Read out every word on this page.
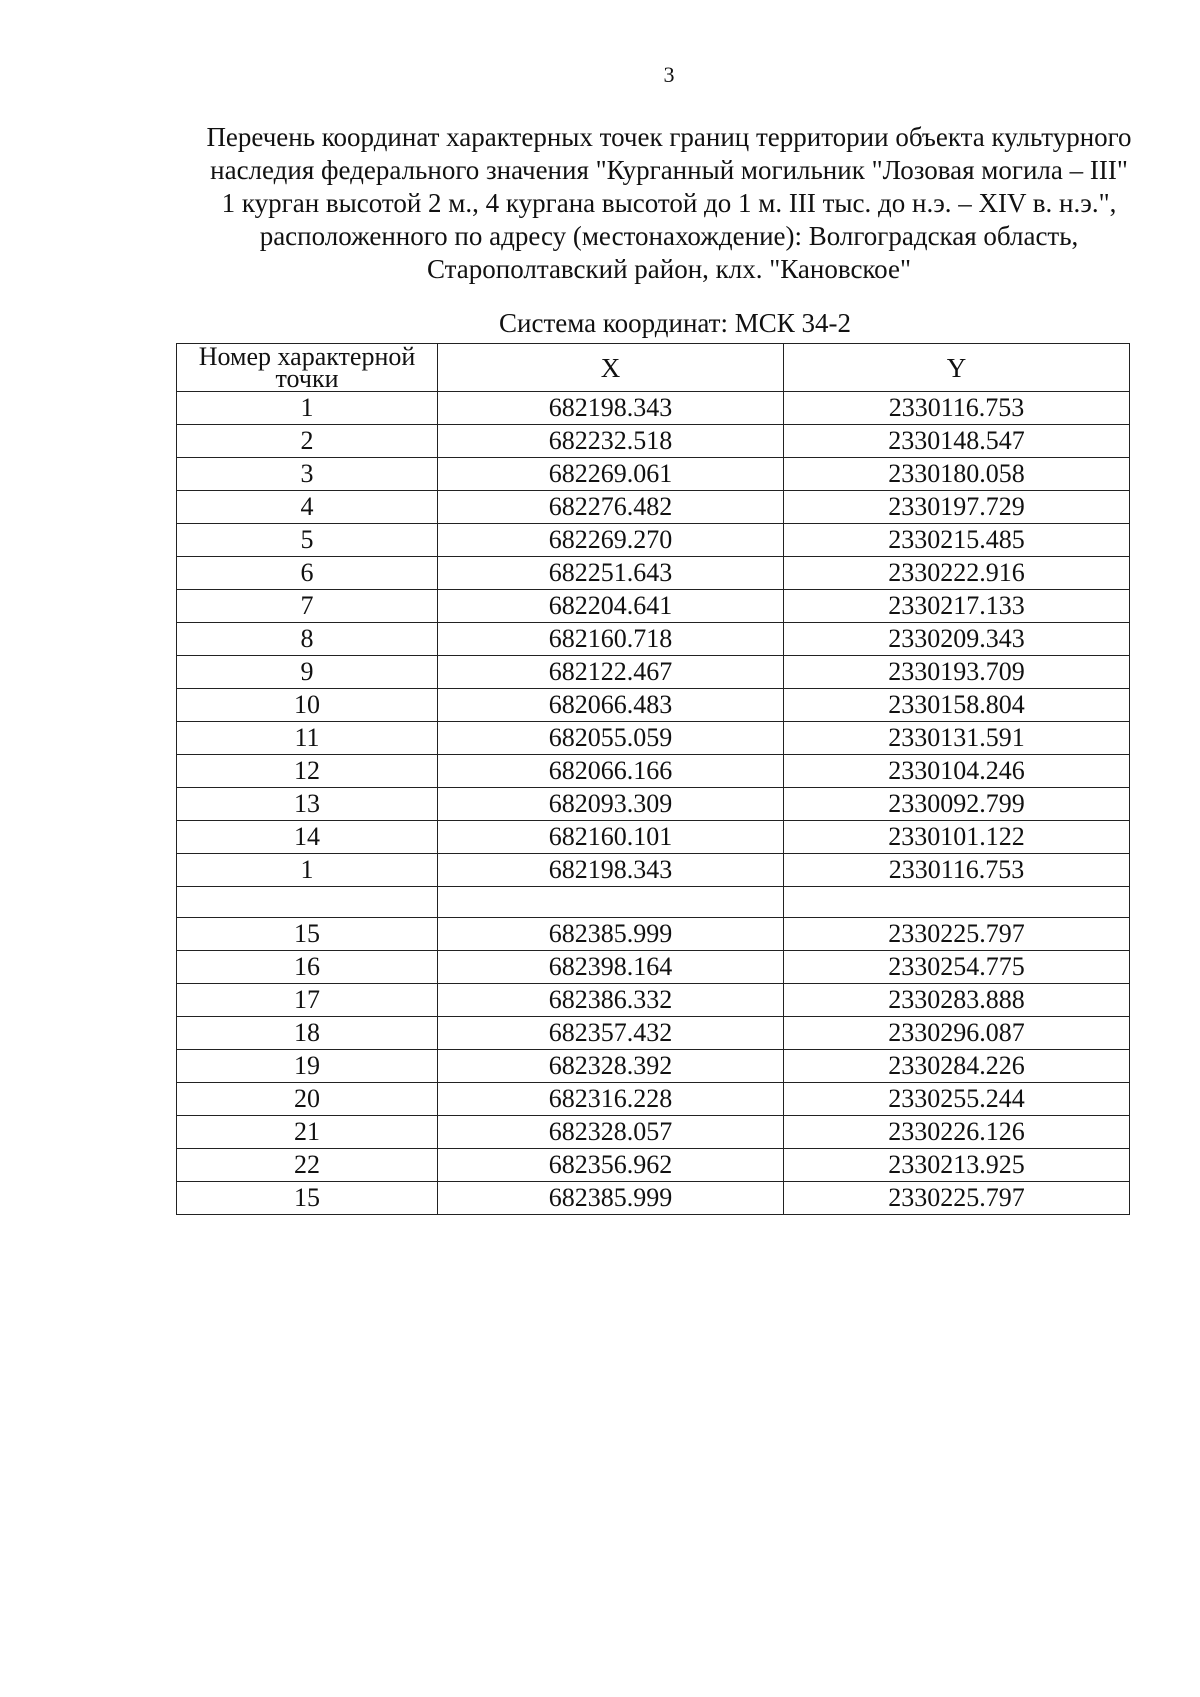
3
Перечень координат характерных точек границ территории объекта культурного
наследия федерального значения "Курганный могильник "Лозовая могила – III"
1 курган высотой 2 м., 4 кургана высотой до 1 м. III тыс. до н.э. – XIV в. н.э.",
расположенного по адресу (местонахождение): Волгоградская область,
Старополтавский район, клх. "Кановское"
Система координат: МСК 34-2
Номер характерной точки	X	Y
1	682198.343	2330116.753
2	682232.518	2330148.547
3	682269.061	2330180.058
4	682276.482	2330197.729
5	682269.270	2330215.485
6	682251.643	2330222.916
7	682204.641	2330217.133
8	682160.718	2330209.343
9	682122.467	2330193.709
10	682066.483	2330158.804
11	682055.059	2330131.591
12	682066.166	2330104.246
13	682093.309	2330092.799
14	682160.101	2330101.122
1	682198.343	2330116.753

15	682385.999	2330225.797
16	682398.164	2330254.775
17	682386.332	2330283.888
18	682357.432	2330296.087
19	682328.392	2330284.226
20	682316.228	2330255.244
21	682328.057	2330226.126
22	682356.962	2330213.925
15	682385.999	2330225.797
